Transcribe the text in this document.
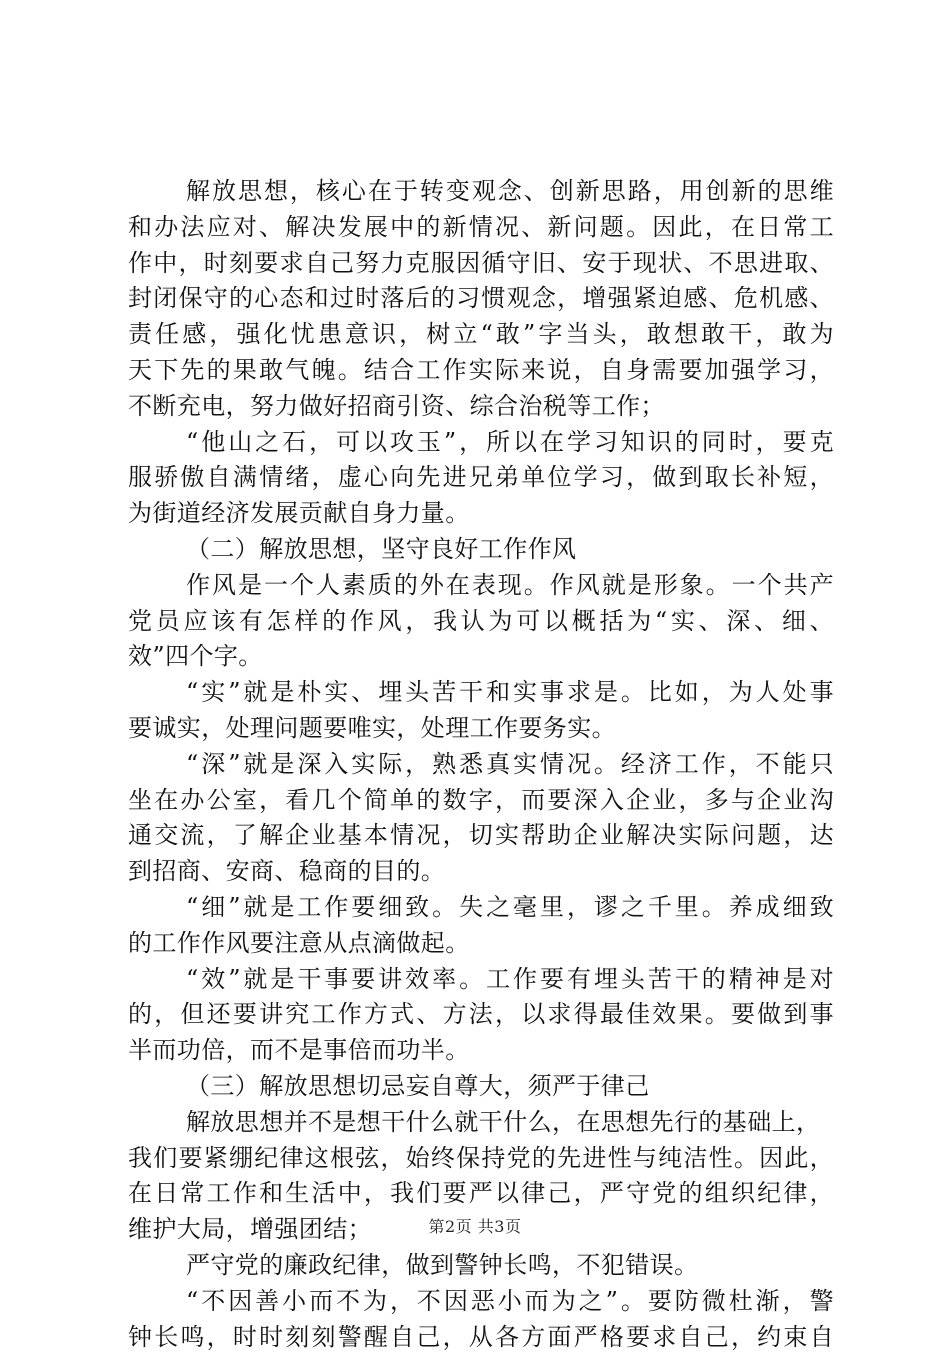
解放思想，核心在于转变观念、创新思路，用创新的思维
和办法应对、解决发展中的新情况、新问题。因此，在日常工
作中，时刻要求自己努力克服因循守旧、安于现状、不思进取、
封闭保守的心态和过时落后的习惯观念，增强紧迫感、危机感、
责任感，强化忧患意识，树立“敢”字当头，敢想敢干，敢为
天下先的果敢气魄。结合工作实际来说，自身需要加强学习，
不断充电，努力做好招商引资、综合治税等工作；
“他山之石，可以攻玉”，所以在学习知识的同时，要克
服骄傲自满情绪，虚心向先进兄弟单位学习，做到取长补短，
为街道经济发展贡献自身力量。
（二）解放思想，坚守良好工作作风
作风是一个人素质的外在表现。作风就是形象。一个共产
党员应该有怎样的作风，我认为可以概括为“实、深、细、
效”四个字。
“实”就是朴实、埋头苦干和实事求是。比如，为人处事
要诚实，处理问题要唯实，处理工作要务实。
“深”就是深入实际，熟悉真实情况。经济工作，不能只
坐在办公室，看几个简单的数字，而要深入企业，多与企业沟
通交流，了解企业基本情况，切实帮助企业解决实际问题，达
到招商、安商、稳商的目的。
“细”就是工作要细致。失之毫里，谬之千里。养成细致
的工作作风要注意从点滴做起。
“效”就是干事要讲效率。工作要有埋头苦干的精神是对
的，但还要讲究工作方式、方法，以求得最佳效果。要做到事
半而功倍，而不是事倍而功半。
（三）解放思想切忌妄自尊大，须严于律己
解放思想并不是想干什么就干什么，在思想先行的基础上，
我们要紧绷纪律这根弦，始终保持党的先进性与纯洁性。因此，
在日常工作和生活中，我们要严以律己，严守党的组织纪律，
维护大局，增强团结；
严守党的廉政纪律，做到警钟长鸣，不犯错误。
“不因善小而不为，不因恶小而为之”。要防微杜渐，警
钟长鸣，时时刻刻警醒自己，从各方面严格要求自己，约束自
第2页 共3页
